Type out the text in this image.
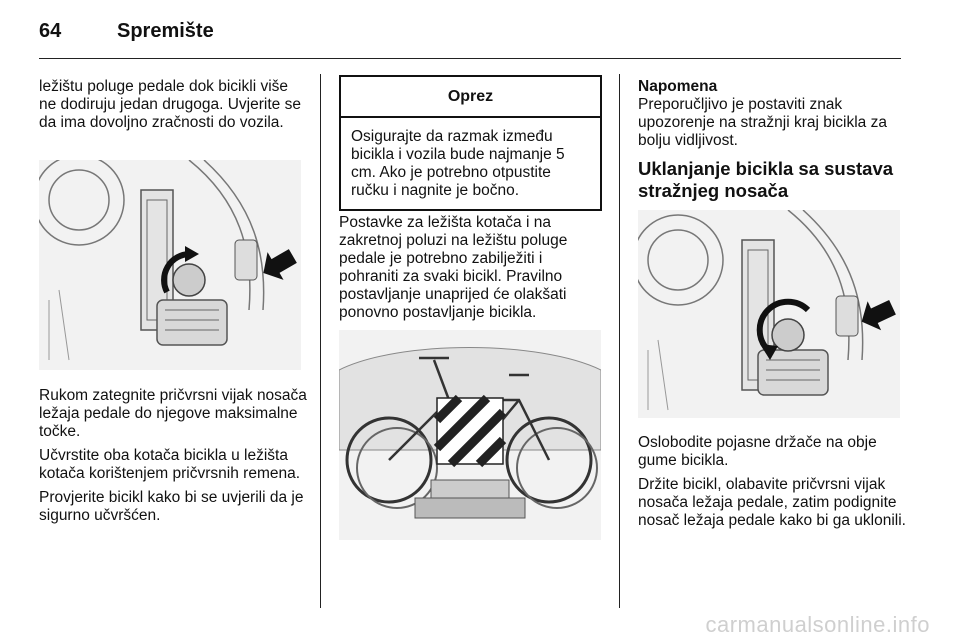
64	Spremište

ležištu poluge pedale dok bicikli više ne dodiruju jedan drugoga. Uvjerite se da ima dovoljno zračnosti do vozila.

Rukom zategnite pričvrsni vijak nosača ležaja pedale do njegove maksimalne točke.

Učvrstite oba kotača bicikla u ležišta kotača korištenjem pričvrsnih remena.

Provjerite bicikl kako bi se uvjerili da je sigurno učvršćen.

Oprez
Osigurajte da razmak između bicikla i vozila bude najmanje 5 cm. Ako je potrebno otpustite ručku i nagnite je bočno.

Postavke za ležišta kotača i na zakretnoj poluzi na ležištu poluge pedale je potrebno zabilježiti i pohraniti za svaki bicikl. Pravilno postavljanje unaprijed će olakšati ponovno postavljanje bicikla.

Napomena

Preporučljivo je postaviti znak upozorenje na stražnji kraj bicikla za bolju vidljivost.

Uklanjanje bicikla sa sustava stražnjeg nosača

Oslobodite pojasne držače na obje gume bicikla.

Držite bicikl, olabavite pričvrsni vijak nosača ležaja pedale, zatim podignite nosač ležaja pedale kako bi ga uklonili.

carmanualsonline.info
